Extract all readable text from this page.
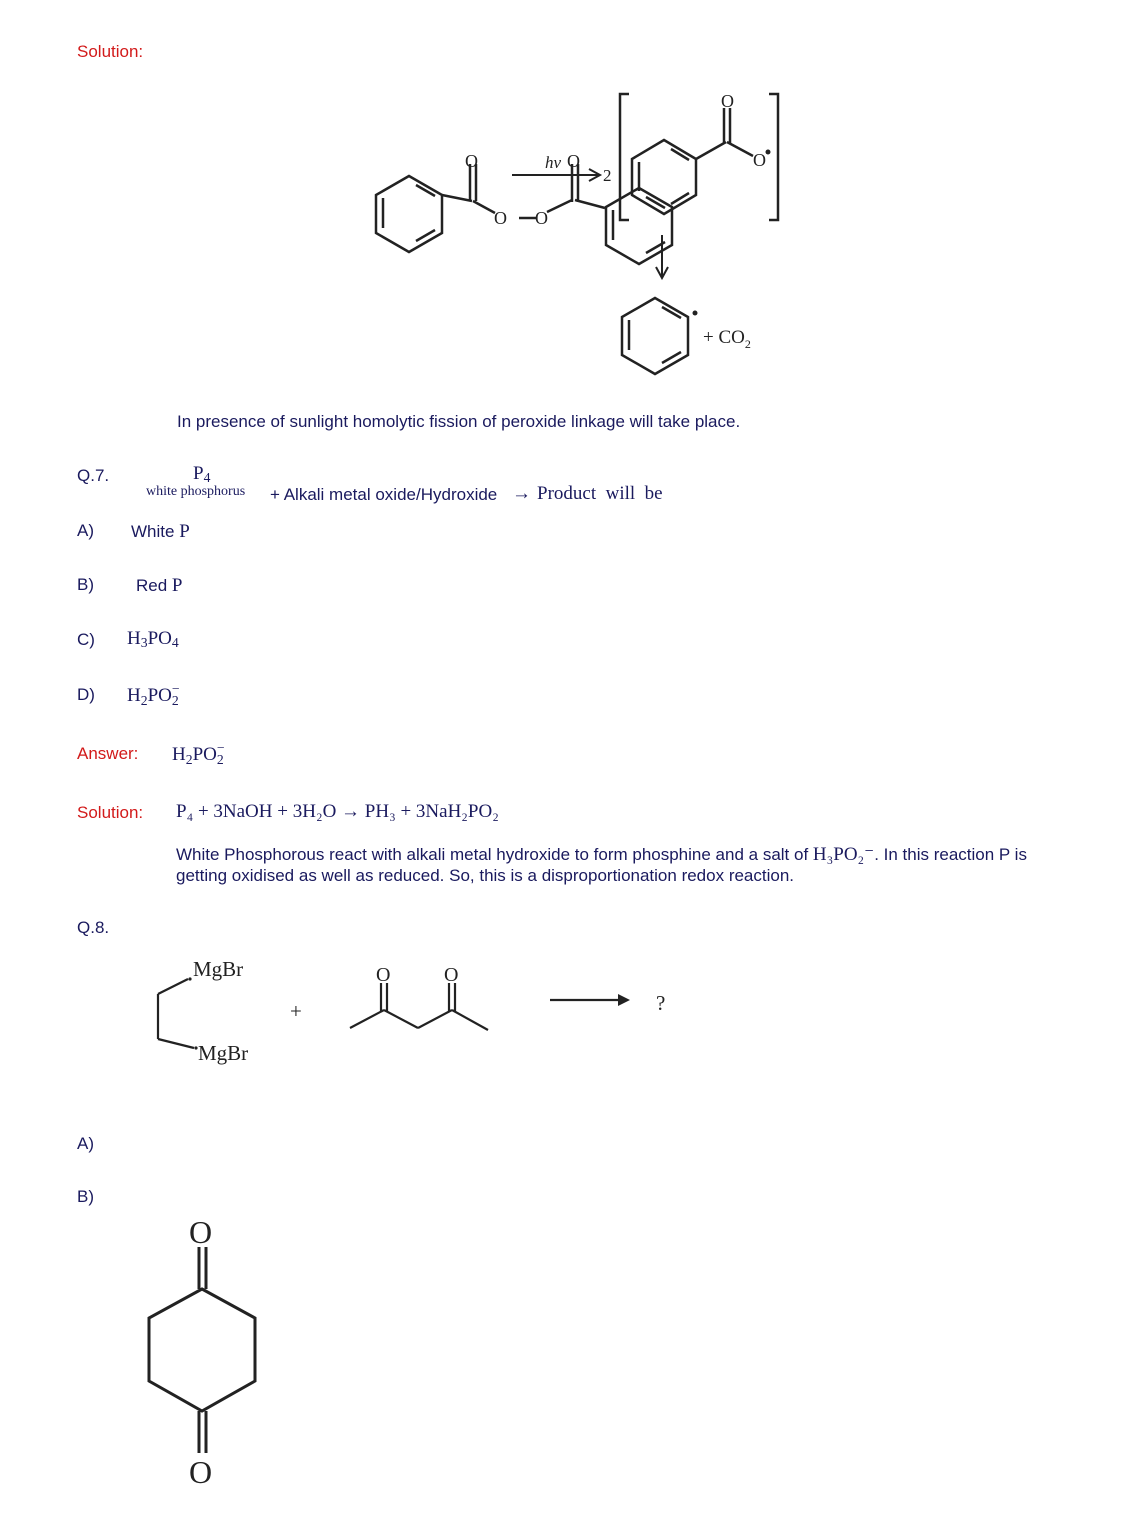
Solution:
O	O
O O
hv
2
O
O
+ $CO_2$
In presence of sunlight homolytic fission of peroxide linkage will take place.
Q.7.	P4
white phosphorus + Alkali metal oxide/Hydroxide → Product  will  be
A) White P
B) Red P
C) H3PO4
D) H2PO −
2
Answer: H2PO −
2
Solution: P₄ + 3NaOH + 3H₂O → PH₃ + 3NaH₂PO₂
White Phosphorous react with alkali metal hydroxide to form phosphine and a salt of H₃PO₂⁻. In this reaction P is getting oxidised as well as reduced. So, this is a disproportionation redox reaction.
Q.8.
MgBr
MgBr
+
O	O
?
A)
B)
O
O
